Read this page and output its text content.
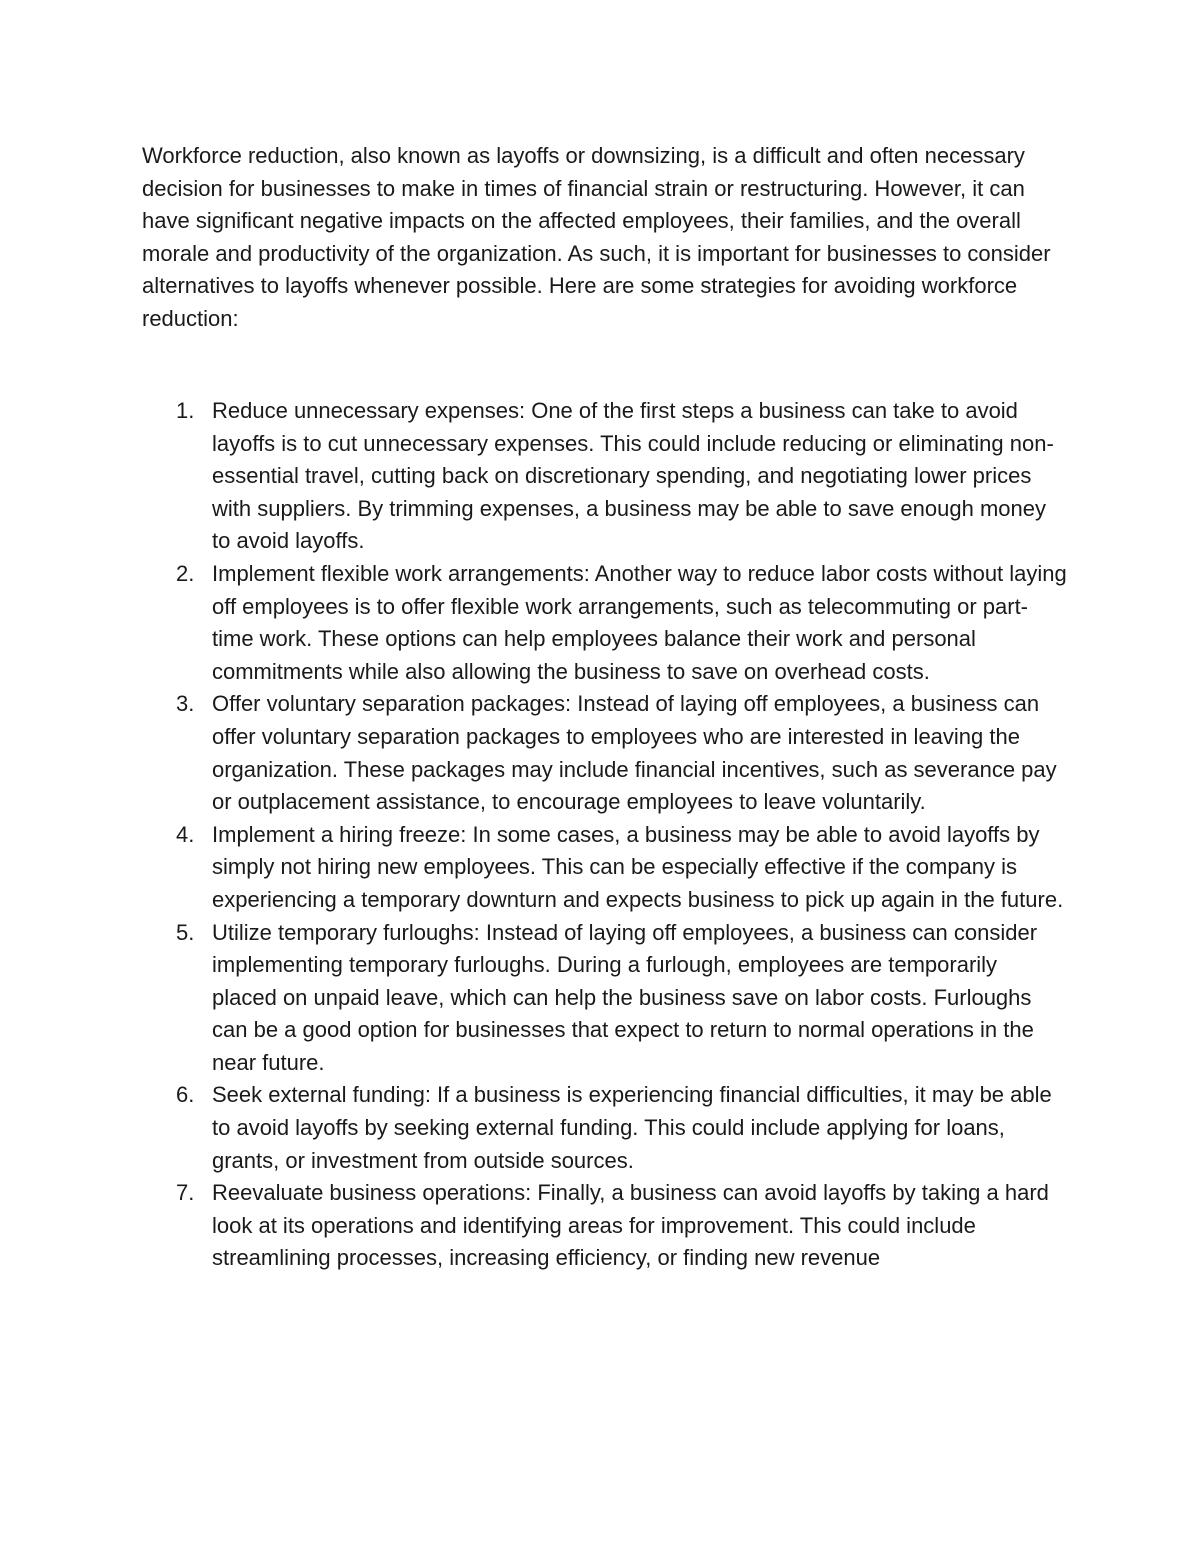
Workforce reduction, also known as layoffs or downsizing, is a difficult and often necessary decision for businesses to make in times of financial strain or restructuring. However, it can have significant negative impacts on the affected employees, their families, and the overall morale and productivity of the organization. As such, it is important for businesses to consider alternatives to layoffs whenever possible. Here are some strategies for avoiding workforce reduction:

1. Reduce unnecessary expenses: One of the first steps a business can take to avoid layoffs is to cut unnecessary expenses. This could include reducing or eliminating non-essential travel, cutting back on discretionary spending, and negotiating lower prices with suppliers. By trimming expenses, a business may be able to save enough money to avoid layoffs.
2. Implement flexible work arrangements: Another way to reduce labor costs without laying off employees is to offer flexible work arrangements, such as telecommuting or part-time work. These options can help employees balance their work and personal commitments while also allowing the business to save on overhead costs.
3. Offer voluntary separation packages: Instead of laying off employees, a business can offer voluntary separation packages to employees who are interested in leaving the organization. These packages may include financial incentives, such as severance pay or outplacement assistance, to encourage employees to leave voluntarily.
4. Implement a hiring freeze: In some cases, a business may be able to avoid layoffs by simply not hiring new employees. This can be especially effective if the company is experiencing a temporary downturn and expects business to pick up again in the future.
5. Utilize temporary furloughs: Instead of laying off employees, a business can consider implementing temporary furloughs. During a furlough, employees are temporarily placed on unpaid leave, which can help the business save on labor costs. Furloughs can be a good option for businesses that expect to return to normal operations in the near future.
6. Seek external funding: If a business is experiencing financial difficulties, it may be able to avoid layoffs by seeking external funding. This could include applying for loans, grants, or investment from outside sources.
7. Reevaluate business operations: Finally, a business can avoid layoffs by taking a hard look at its operations and identifying areas for improvement. This could include streamlining processes, increasing efficiency, or finding new revenue
